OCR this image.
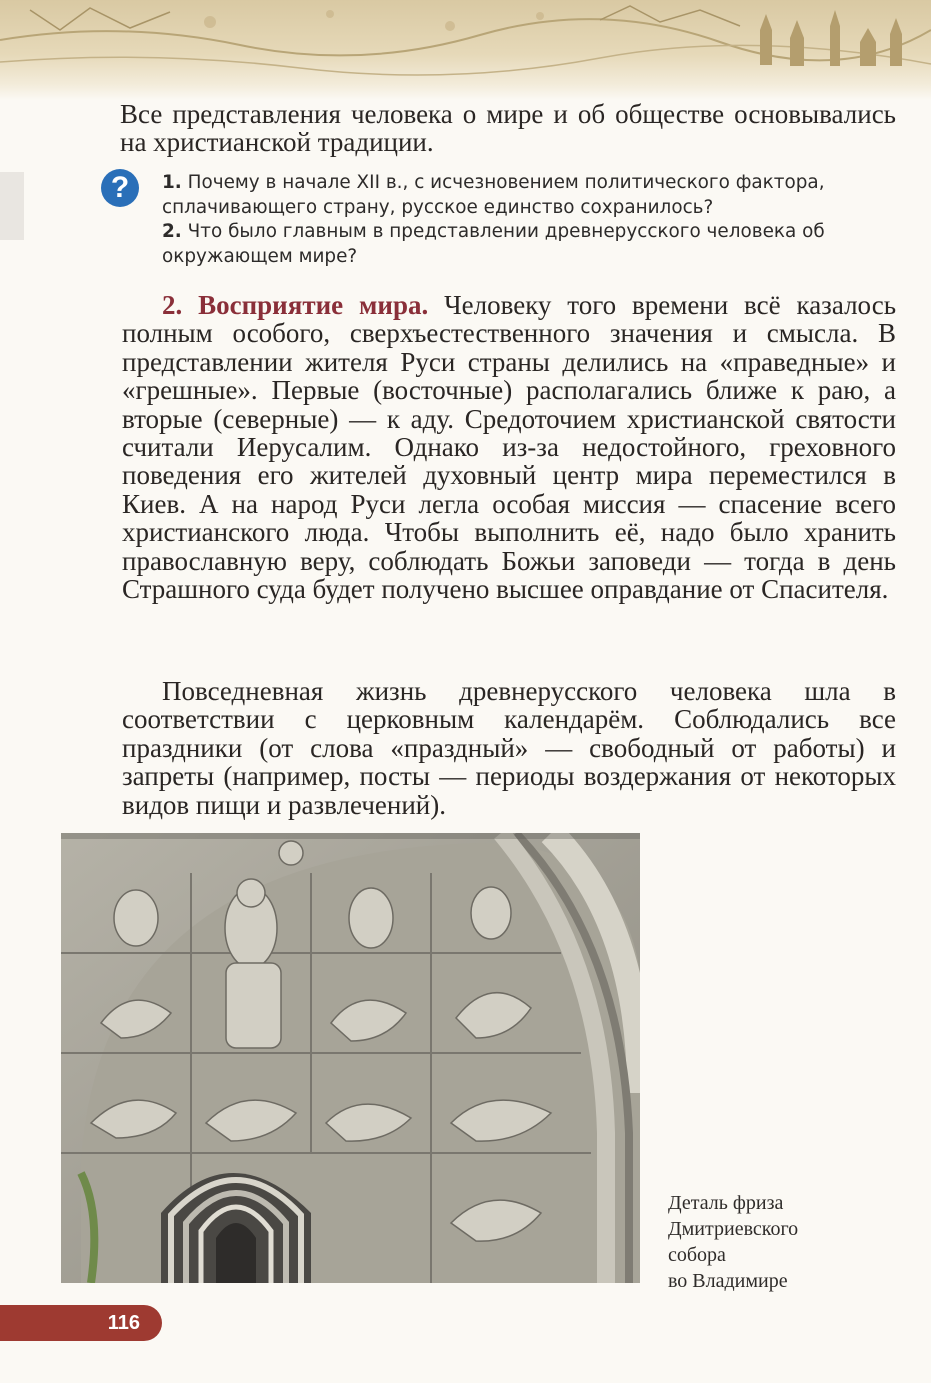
Все представления человека о мире и об обществе основывались на христианской традиции.

?	1. Почему в начале XII в., с исчезновением политического фактора, сплачивающего страну, русское единство сохранилось?
2. Что было главным в представлении древнерусского человека об окружающем мире?

2. Восприятие мира. Человеку того времени всё казалось полным особого, сверхъестественного значения и смысла. В представлении жителя Руси страны делились на «праведные» и «грешные». Первые (восточные) располагались ближе к раю, а вторые (северные) — к аду. Средоточием христианской святости считали Иерусалим. Однако из-за недостойного, греховного поведения его жителей духовный центр мира переместился в Киев. А на народ Руси легла особая миссия — спасение всего христианского люда. Чтобы выполнить её, надо было хранить православную веру, соблюдать Божьи заповеди — тогда в день Страшного суда будет получено высшее оправдание от Спасителя.

Повседневная жизнь древнерусского человека шла в соответствии с церковным календарём. Соблюдались все праздники (от слова «праздный» — свободный от работы) и запреты (например, посты — периоды воздержания от некоторых видов пищи и развлечений).

Деталь фриза
Дмитриевского
собора
во Владимире
116
